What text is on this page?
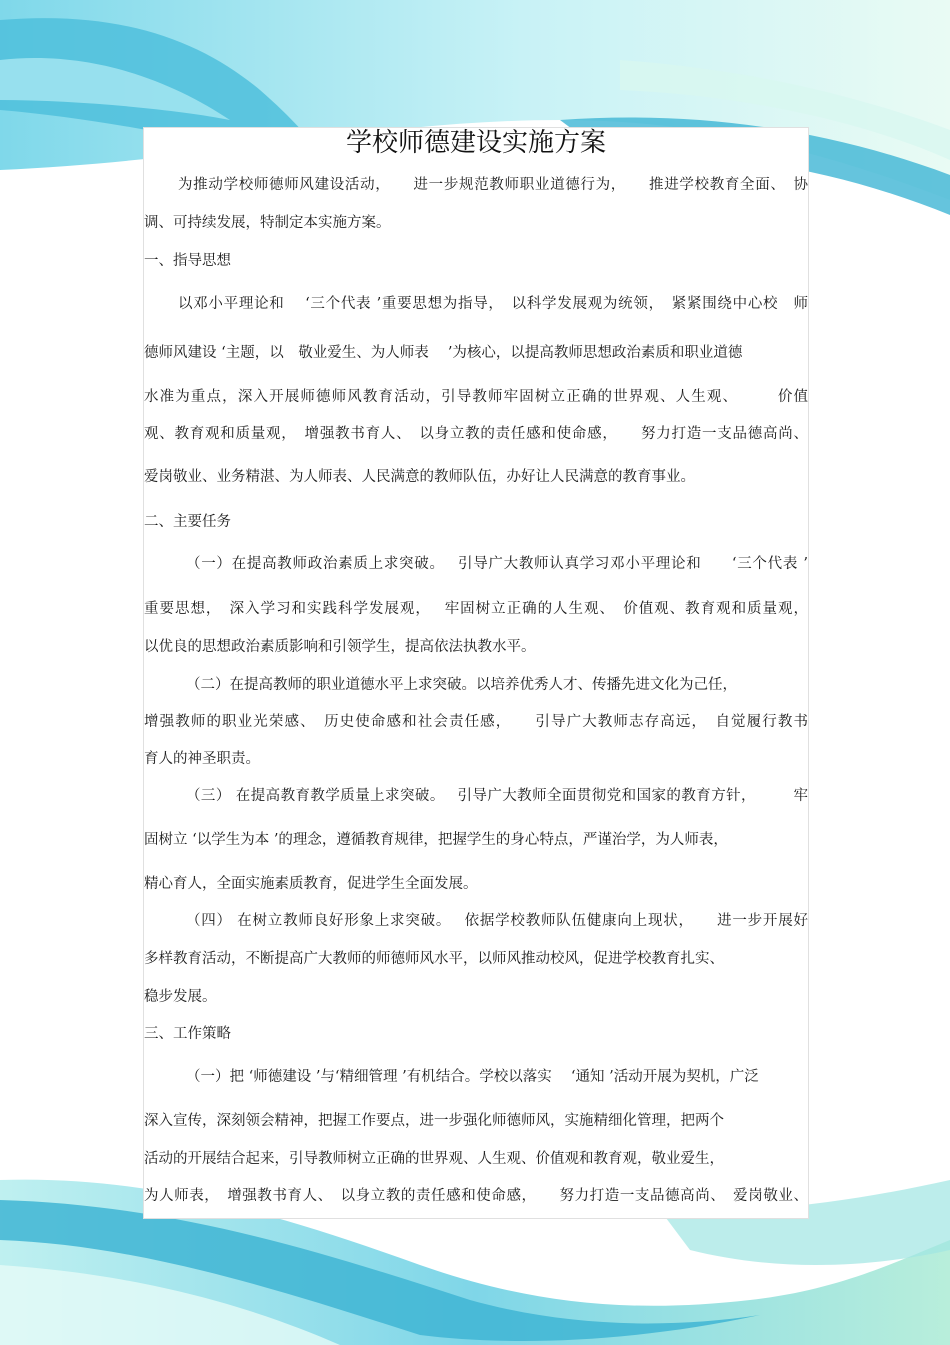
学校师德建设实施方案
为推动学校师德师风建设活动，　　进一步规范教师职业道德行为，　　推进学校教育全面、　协
调、可持续发展，特制定本实施方案。
一、指导思想
以邓小平理论和　 ‘三个代表 ’重要思想为指导，　以科学发展观为统领，　紧紧围绕中心校　师
德师风建设 ‘主题，以　敬业爱生、为人师表　 ’为核心，以提高教师思想政治素质和职业道德
水准为重点，深入开展师德师风教育活动，引导教师牢固树立正确的世界观、人生观、　　　价值
观、教育观和质量观，　增强教书育人、　以身立教的责任感和使命感，　　努力打造一支品德高尚、
爱岗敬业、业务精湛、为人师表、人民满意的教师队伍，办好让人民满意的教育事业。
二、主要任务
（一）在提高教师政治素质上求突破。　 引导广大教师认真学习邓小平理论和　　‘三个代表 ’
重要思想，　深入学习和实践科学发展观，　 牢固树立正确的人生观、　价值观、教育观和质量观，
以优良的思想政治素质影响和引领学生，提高依法执教水平。
（二）在提高教师的职业道德水平上求突破。以培养优秀人才、传播先进文化为己任，
增强教师的职业光荣感、　历史使命感和社会责任感，　　引导广大教师志存高远，　自觉履行教书
育人的神圣职责。
（三） 在提高教育教学质量上求突破。　 引导广大教师全面贯彻党和国家的教育方针，　　　牢
固树立 ‘以学生为本 ’的理念，遵循教育规律，把握学生的身心特点，严谨治学，为人师表，
精心育人，全面实施素质教育，促进学生全面发展。
（四） 在树立教师良好形象上求突破。　 依据学校教师队伍健康向上现状，　　进一步开展好
多样教育活动，不断提高广大教师的师德师风水平，以师风推动校风，促进学校教育扎实、
稳步发展。
三、工作策略
（一）把 ‘师德建设 ’与‘精细管理 ’有机结合。学校以落实　 ‘通知 ’活动开展为契机，广泛
深入宣传，深刻领会精神，把握工作要点，进一步强化师德师风，实施精细化管理，把两个
活动的开展结合起来，引导教师树立正确的世界观、人生观、价值观和教育观，敬业爱生，
为人师表，　增强教书育人、　以身立教的责任感和使命感，　　努力打造一支品德高尚、　爱岗敬业、
